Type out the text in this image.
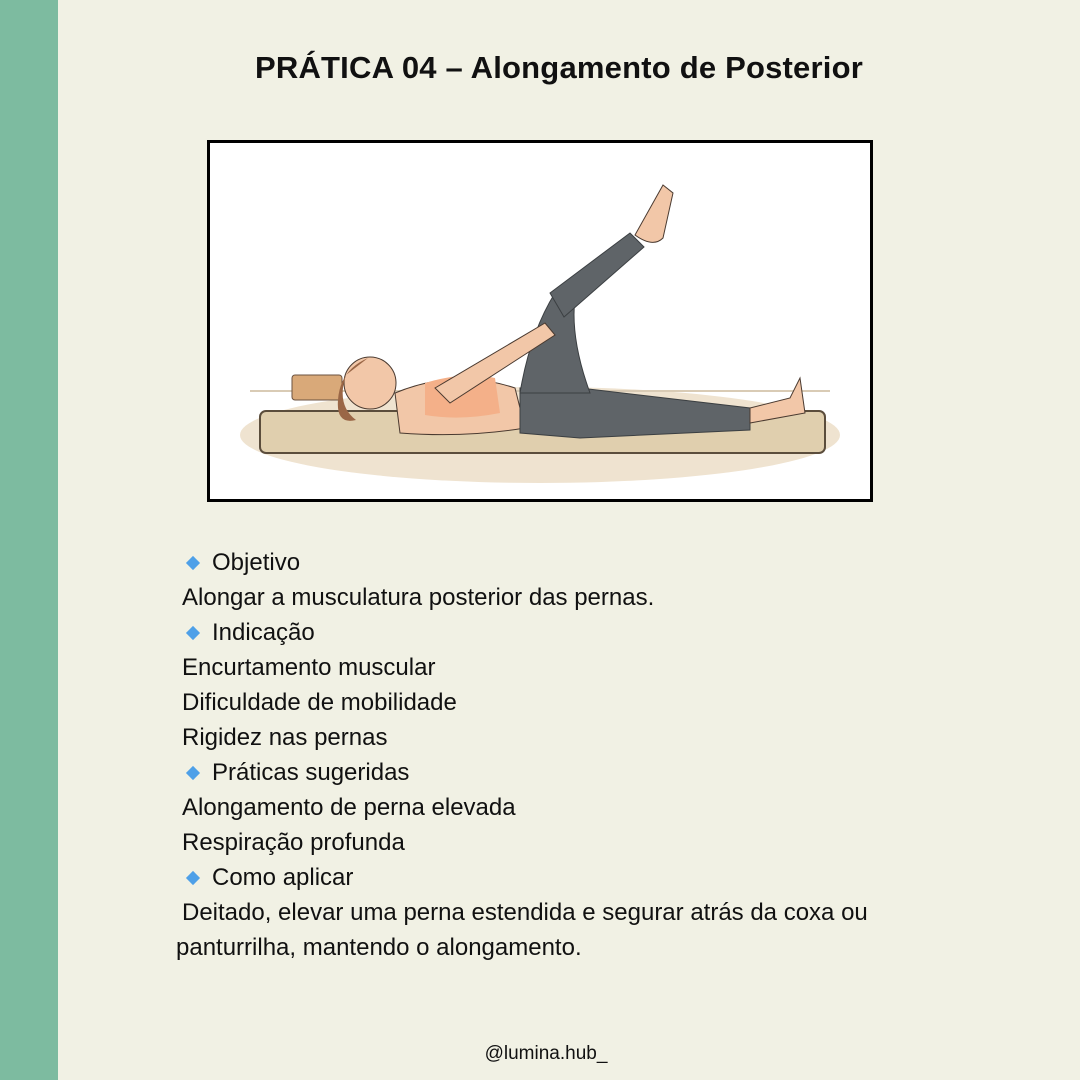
PRÁTICA 04 – Alongamento de Posterior
Objetivo
Alongar a musculatura posterior das pernas.
Indicação
Encurtamento muscular
Dificuldade de mobilidade
Rigidez nas pernas
Práticas sugeridas
Alongamento de perna elevada
Respiração profunda
Como aplicar
Deitado, elevar uma perna estendida e segurar atrás da coxa ou panturrilha, mantendo o alongamento.
@lumina.hub_
